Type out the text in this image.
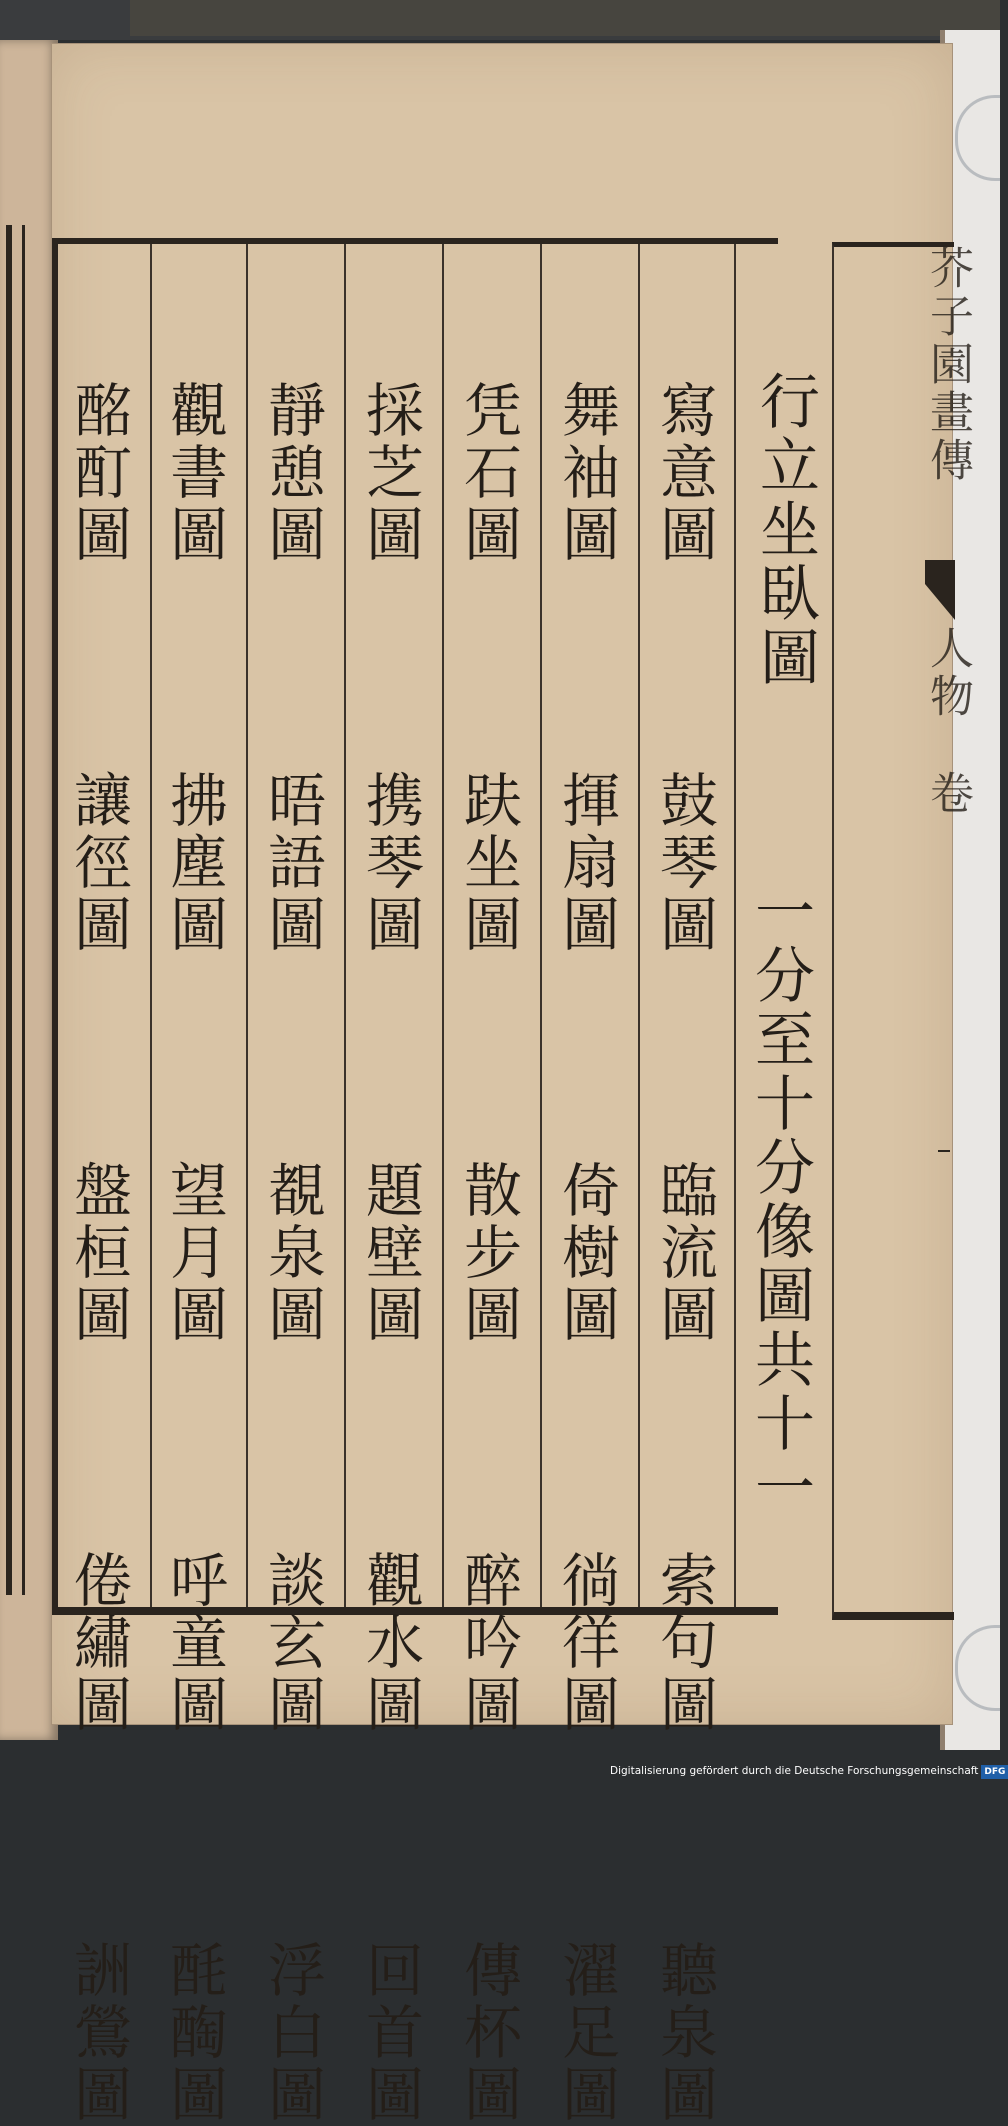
芥子園畫傳
人物
卷
行立坐臥圖
一分至十分像圖共十一
寫意圖  鼓琴圖  臨流圖  索句圖  聽泉圖
舞袖圖  揮扇圖  倚樹圖  徜徉圖  濯足圖
凭石圖  趺坐圖  散步圖  醉吟圖  傳杯圖
採芝圖  携琴圖  題壁圖  觀水圖  回首圖
靜憩圖  晤語圖  覩泉圖  談玄圖  浮白圖
觀書圖  拂塵圖  望月圖  呼童圖  酕醄圖
酩酊圖  讓徑圖  盤桓圖  倦繡圖  詶鶯圖
Digitalisierung gefördert durch die Deutsche Forschungsgemeinschaft DFG
